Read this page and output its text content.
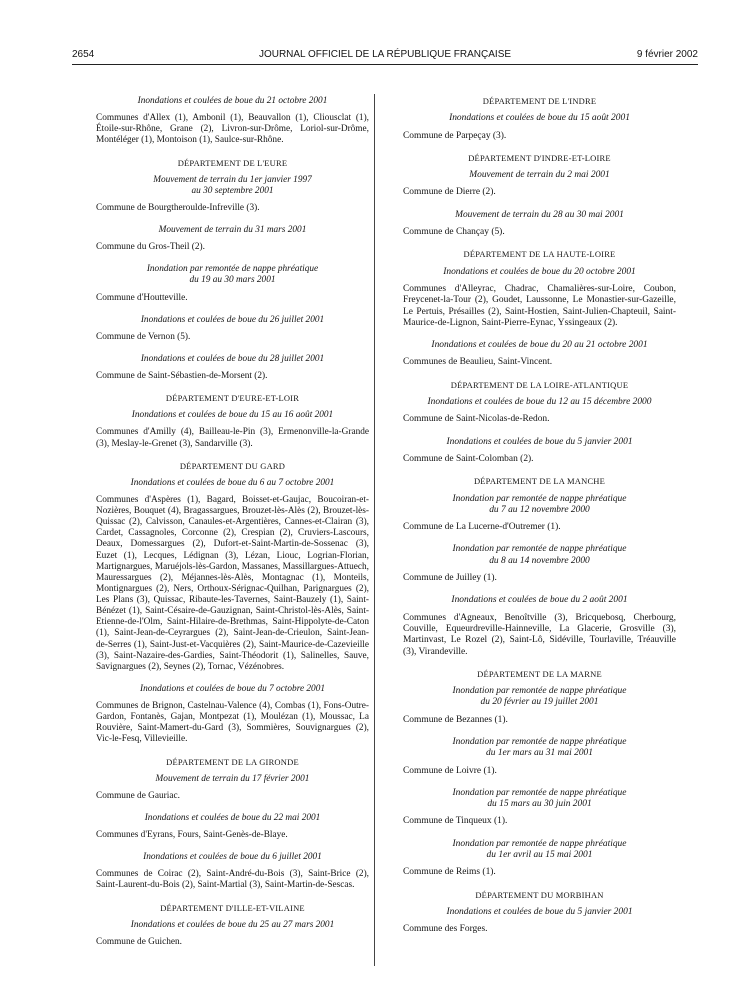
2654	JOURNAL OFFICIEL DE LA RÉPUBLIQUE FRANÇAISE	9 février 2002
Inondations et coulées de boue du 21 octobre 2001
Communes d'Allex (1), Ambonil (1), Beauvallon (1), Cliousclat (1), Étoile-sur-Rhône, Grane (2), Livron-sur-Drôme, Loriol-sur-Drôme, Montéléger (1), Montoison (1), Saulce-sur-Rhône.
DÉPARTEMENT DE L'EURE
Mouvement de terrain du 1er janvier 1997
au 30 septembre 2001
Commune de Bourgtheroulde-Infreville (3).
Mouvement de terrain du 31 mars 2001
Commune du Gros-Theil (2).
Inondation par remontée de nappe phréatique
du 19 au 30 mars 2001
Commune d'Houtteville.
Inondations et coulées de boue du 26 juillet 2001
Commune de Vernon (5).
Inondations et coulées de boue du 28 juillet 2001
Commune de Saint-Sébastien-de-Morsent (2).
DÉPARTEMENT D'EURE-ET-LOIR
Inondations et coulées de boue du 15 au 16 août 2001
Communes d'Amilly (4), Bailleau-le-Pin (3), Ermenonville-la-Grande (3), Meslay-le-Grenet (3), Sandarville (3).
DÉPARTEMENT DU GARD
Inondations et coulées de boue du 6 au 7 octobre 2001
Communes d'Aspères (1), Bagard, Boisset-et-Gaujac, Boucoiran-et-Nozières, Bouquet (4), Bragassargues, Brouzet-lès-Alès (2), Brouzet-lès-Quissac (2), Calvisson, Canaules-et-Argentières, Cannes-et-Clairan (3), Cardet, Cassagnoles, Corconne (2), Crespian (2), Cruviers-Lascours, Deaux, Domessargues (2), Dufort-et-Saint-Martin-de-Sossenac (3), Euzet (1), Lecques, Lédignan (3), Lézan, Liouc, Logrian-Florian, Martignargues, Maruéjols-lès-Gardon, Massanes, Massillargues-Attuech, Mauressargues (2), Méjannes-lès-Alès, Montagnac (1), Monteils, Montignargues (2), Ners, Orthoux-Sérignac-Quilhan, Parignargues (2), Les Plans (3), Quissac, Ribaute-les-Tavernes, Saint-Bauzely (1), Saint-Bénézet (1), Saint-Césaire-de-Gauzignan, Saint-Christol-lès-Alès, Saint-Etienne-de-l'Olm, Saint-Hilaire-de-Brethmas, Saint-Hippolyte-de-Caton (1), Saint-Jean-de-Ceyrargues (2), Saint-Jean-de-Crieulon, Saint-Jean-de-Serres (1), Saint-Just-et-Vacquières (2), Saint-Maurice-de-Cazevieille (3), Saint-Nazaire-des-Gardies, Saint-Théodorit (1), Salinelles, Sauve, Savignargues (2), Seynes (2), Tornac, Vézénobres.
Inondations et coulées de boue du 7 octobre 2001
Communes de Brignon, Castelnau-Valence (4), Combas (1), Fons-Outre-Gardon, Fontanès, Gajan, Montpezat (1), Moulézan (1), Moussac, La Rouvière, Saint-Mamert-du-Gard (3), Sommières, Souvignargues (2), Vic-le-Fesq, Villevieille.
DÉPARTEMENT DE LA GIRONDE
Mouvement de terrain du 17 février 2001
Commune de Gauriac.
Inondations et coulées de boue du 22 mai 2001
Communes d'Eyrans, Fours, Saint-Genès-de-Blaye.
Inondations et coulées de boue du 6 juillet 2001
Communes de Coirac (2), Saint-André-du-Bois (3), Saint-Brice (2), Saint-Laurent-du-Bois (2), Saint-Martial (3), Saint-Martin-de-Sescas.
DÉPARTEMENT D'ILLE-ET-VILAINE
Inondations et coulées de boue du 25 au 27 mars 2001
Commune de Guichen.
DÉPARTEMENT DE L'INDRE
Inondations et coulées de boue du 15 août 2001
Commune de Parpeçay (3).
DÉPARTEMENT D'INDRE-ET-LOIRE
Mouvement de terrain du 2 mai 2001
Commune de Dierre (2).
Mouvement de terrain du 28 au 30 mai 2001
Commune de Chançay (5).
DÉPARTEMENT DE LA HAUTE-LOIRE
Inondations et coulées de boue du 20 octobre 2001
Communes d'Alleyrac, Chadrac, Chamalières-sur-Loire, Coubon, Freycenet-la-Tour (2), Goudet, Laussonne, Le Monastier-sur-Gazeille, Le Pertuis, Présailles (2), Saint-Hostien, Saint-Julien-Chapteuil, Saint-Maurice-de-Lignon, Saint-Pierre-Eynac, Yssingeaux (2).
Inondations et coulées de boue du 20 au 21 octobre 2001
Communes de Beaulieu, Saint-Vincent.
DÉPARTEMENT DE LA LOIRE-ATLANTIQUE
Inondations et coulées de boue du 12 au 15 décembre 2000
Commune de Saint-Nicolas-de-Redon.
Inondations et coulées de boue du 5 janvier 2001
Commune de Saint-Colomban (2).
DÉPARTEMENT DE LA MANCHE
Inondation par remontée de nappe phréatique
du 7 au 12 novembre 2000
Commune de La Lucerne-d'Outremer (1).
Inondation par remontée de nappe phréatique
du 8 au 14 novembre 2000
Commune de Juilley (1).
Inondations et coulées de boue du 2 août 2001
Communes d'Agneaux, Benoîtville (3), Bricquebosq, Cherbourg, Couville, Equeurdreville-Hainneville, La Glacerie, Grosville (3), Martinvast, Le Rozel (2), Saint-Lô, Sidéville, Tourlaville, Tréauville (3), Virandeville.
DÉPARTEMENT DE LA MARNE
Inondation par remontée de nappe phréatique
du 20 février au 19 juillet 2001
Commune de Bezannes (1).
Inondation par remontée de nappe phréatique
du 1er mars au 31 mai 2001
Commune de Loivre (1).
Inondation par remontée de nappe phréatique
du 15 mars au 30 juin 2001
Commune de Tinqueux (1).
Inondation par remontée de nappe phréatique
du 1er avril au 15 mai 2001
Commune de Reims (1).
DÉPARTEMENT DU MORBIHAN
Inondations et coulées de boue du 5 janvier 2001
Commune des Forges.
